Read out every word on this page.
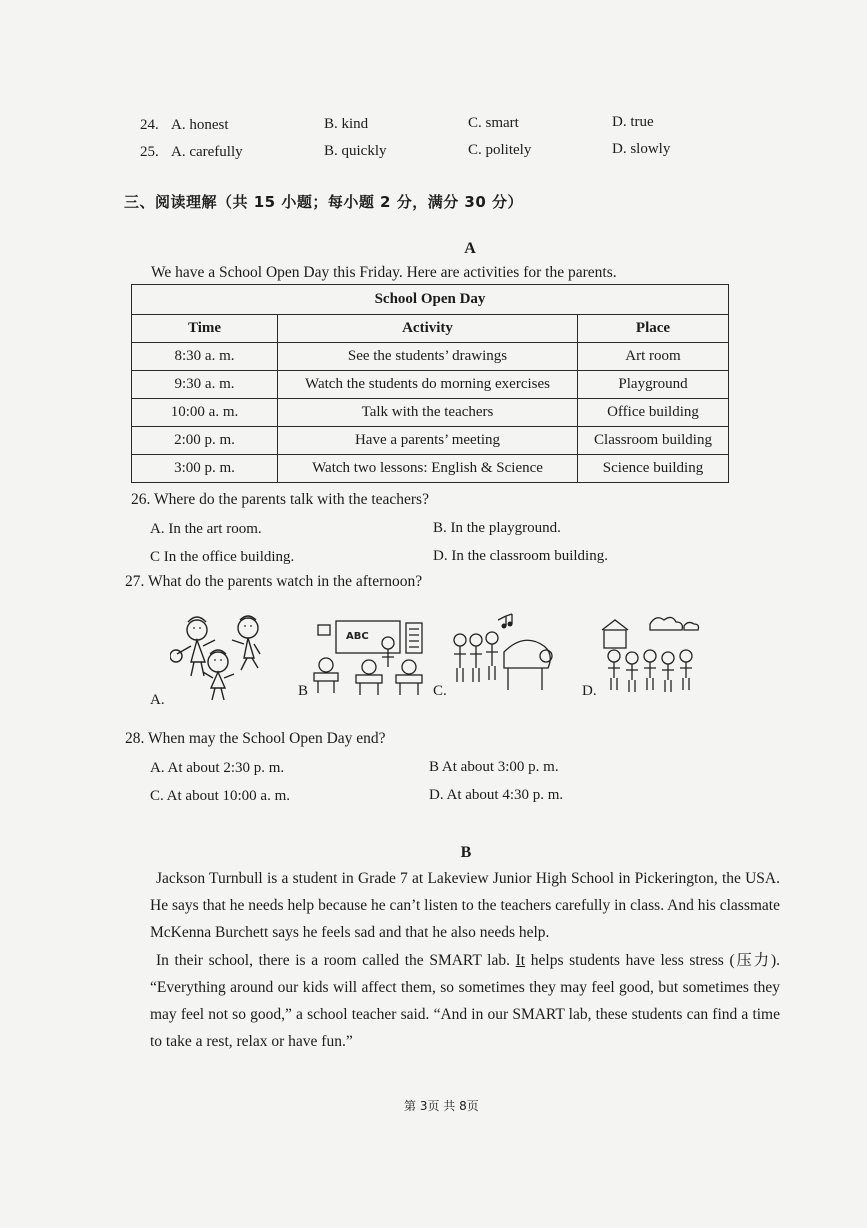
24. A. honest	B. kind	C. smart	D. true
25. A. carefully	B. quickly	C. politely	D. slowly
三、阅读理解（共 15 小题；每小题 2 分，满分 30 分）
A
We have a School Open Day this Friday. Here are activities for the parents.
School Open Day		
Time	Activity	Place
8:30 a. m.	See the students’ drawings	Art room
9:30 a. m.	Watch the students do morning exercises	Playground
10:00 a. m.	Talk with the teachers	Office building
2:00 p. m.	Have a parents’ meeting	Classroom building
3:00 p. m.	Watch two lessons: English & Science	Science building
26. Where do the parents talk with the teachers?
A. In the art room.	B. In the playground.
C In the office building.	D. In the classroom building.
27. What do the parents watch in the afternoon?
A.
B
ABC
C.	D.
28. When may the School Open Day end?
A. At about 2:30 p. m.	B At about 3:00 p. m.
C. At about 10:00 a. m.	D. At about 4:30 p. m.
B
Jackson Turnbull is a student in Grade 7 at Lakeview Junior High School in Pickerington, the USA. He says that he needs help because he can’t listen to the teachers carefully in class. And his classmate McKenna Burchett says he feels sad and that he also needs help.
In their school, there is a room called the SMART lab. It helps students have less stress (压力). “Everything around our kids will affect them, so sometimes they may feel good, but sometimes they may feel not so good,” a school teacher said. “And in our SMART lab, these students can find a time to take a rest, relax or have fun.”
第 3页 共 8页
